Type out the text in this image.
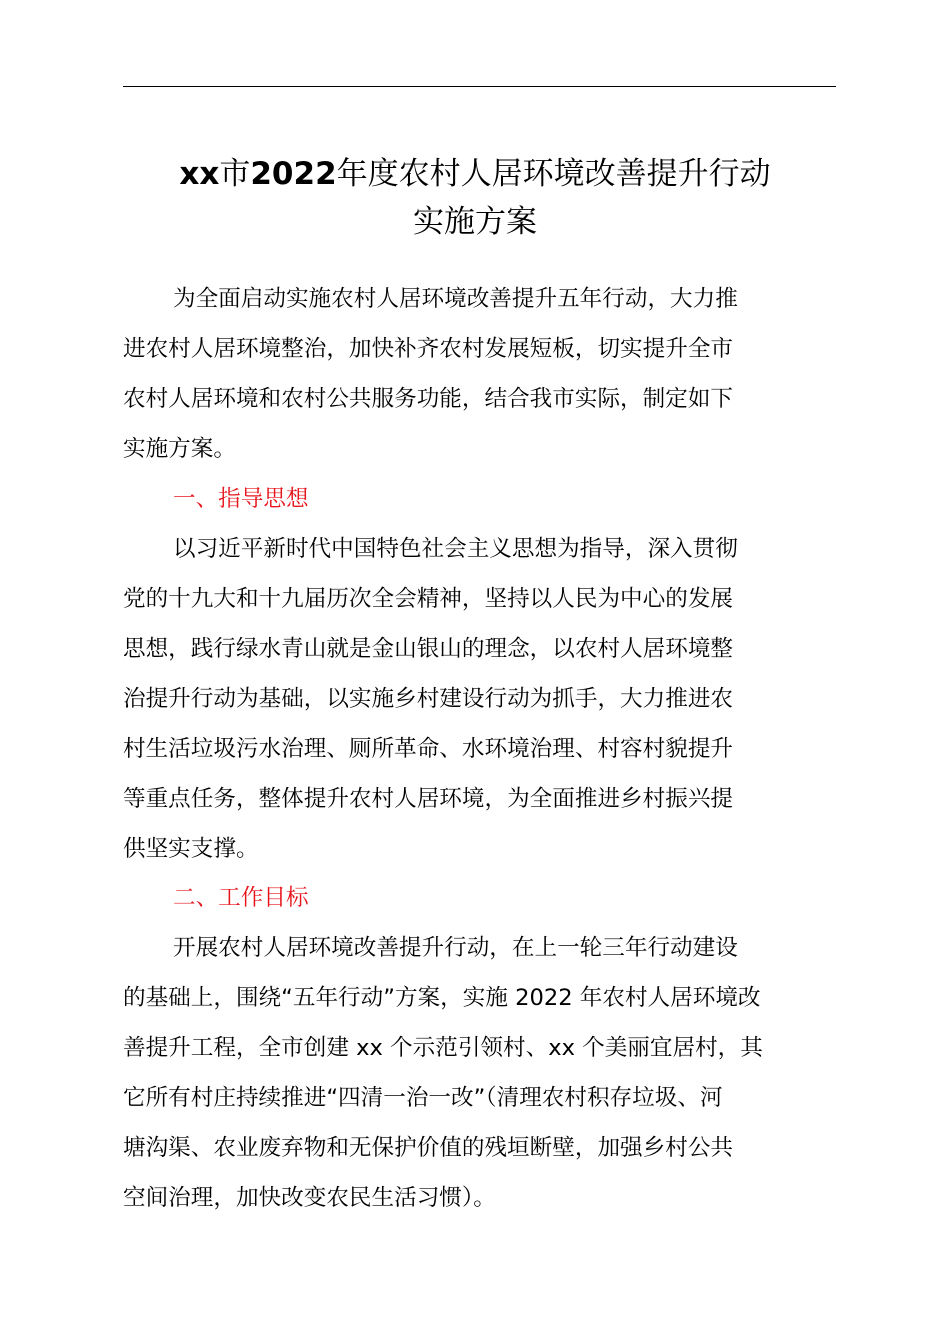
xx市2022年度农村人居环境改善提升行动
实施方案
为全面启动实施农村人居环境改善提升五年行动，大力推
进农村人居环境整治，加快补齐农村发展短板，切实提升全市
农村人居环境和农村公共服务功能，结合我市实际，制定如下
实施方案。
一、指导思想
以习近平新时代中国特色社会主义思想为指导，深入贯彻
党的十九大和十九届历次全会精神，坚持以人民为中心的发展
思想，践行绿水青山就是金山银山的理念，以农村人居环境整
治提升行动为基础，以实施乡村建设行动为抓手，大力推进农
村生活垃圾污水治理、厕所革命、水环境治理、村容村貌提升
等重点任务，整体提升农村人居环境，为全面推进乡村振兴提
供坚实支撑。
二、工作目标
开展农村人居环境改善提升行动，在上一轮三年行动建设
的基础上，围绕“五年行动”方案，实施 2022 年农村人居环境改
善提升工程，全市创建 xx 个示范引领村、xx 个美丽宜居村，其
它所有村庄持续推进“四清一治一改”（清理农村积存垃圾、河
塘沟渠、农业废弃物和无保护价值的残垣断壁，加强乡村公共
空间治理，加快改变农民生活习惯）。
